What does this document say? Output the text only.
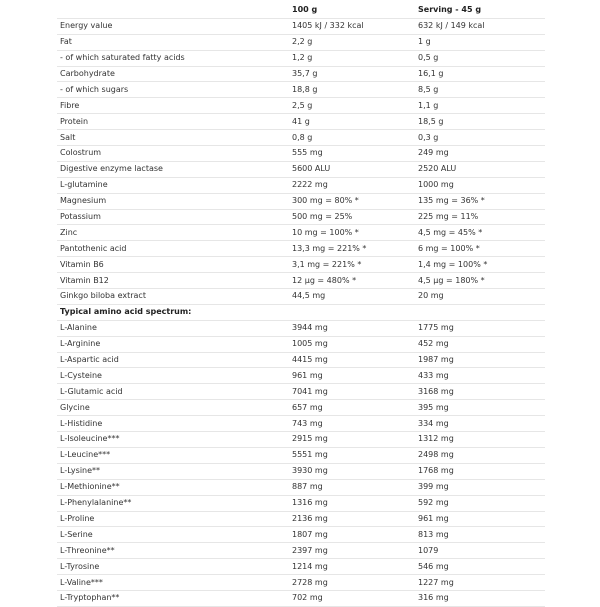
	100 g	Serving - 45 g
Energy value	1405 kJ / 332 kcal	632 kJ / 149 kcal
Fat	2,2 g	1 g
- of which saturated fatty acids	1,2 g	0,5 g
Carbohydrate	35,7 g	16,1 g
- of which sugars	18,8 g	8,5 g
Fibre	2,5 g	1,1 g
Protein	41 g	18,5 g
Salt	0,8 g	0,3 g
Colostrum	555 mg	249 mg
Digestive enzyme lactase	5600 ALU	2520 ALU
L-glutamine	2222 mg	1000 mg
Magnesium	300 mg = 80% *	135 mg = 36% *
Potassium	500 mg = 25%	225 mg = 11%
Zinc	10 mg = 100% *	4,5 mg = 45% *
Pantothenic acid	13,3 mg = 221% *	6 mg = 100% *
Vitamin B6	3,1 mg = 221% *	1,4 mg = 100% *
Vitamin B12	12 µg = 480% *	4,5 µg = 180% *
Ginkgo biloba extract	44,5 mg	20 mg
Typical amino acid spectrum:		
L-Alanine	3944 mg	1775 mg
L-Arginine	1005 mg	452 mg
L-Aspartic acid	4415 mg	1987 mg
L-Cysteine	961 mg	433 mg
L-Glutamic acid	7041 mg	3168 mg
Glycine	657 mg	395 mg
L-Histidine	743 mg	334 mg
L-Isoleucine***	2915 mg	1312 mg
L-Leucine***	5551 mg	2498 mg
L-Lysine**	3930 mg	1768 mg
L-Methionine**	887 mg	399 mg
L-Phenylalanine**	1316 mg	592 mg
L-Proline	2136 mg	961 mg
L-Serine	1807 mg	813 mg
L-Threonine**	2397 mg	1079
L-Tyrosine	1214 mg	546 mg
L-Valine***	2728 mg	1227 mg
L-Tryptophan**	702 mg	316 mg
